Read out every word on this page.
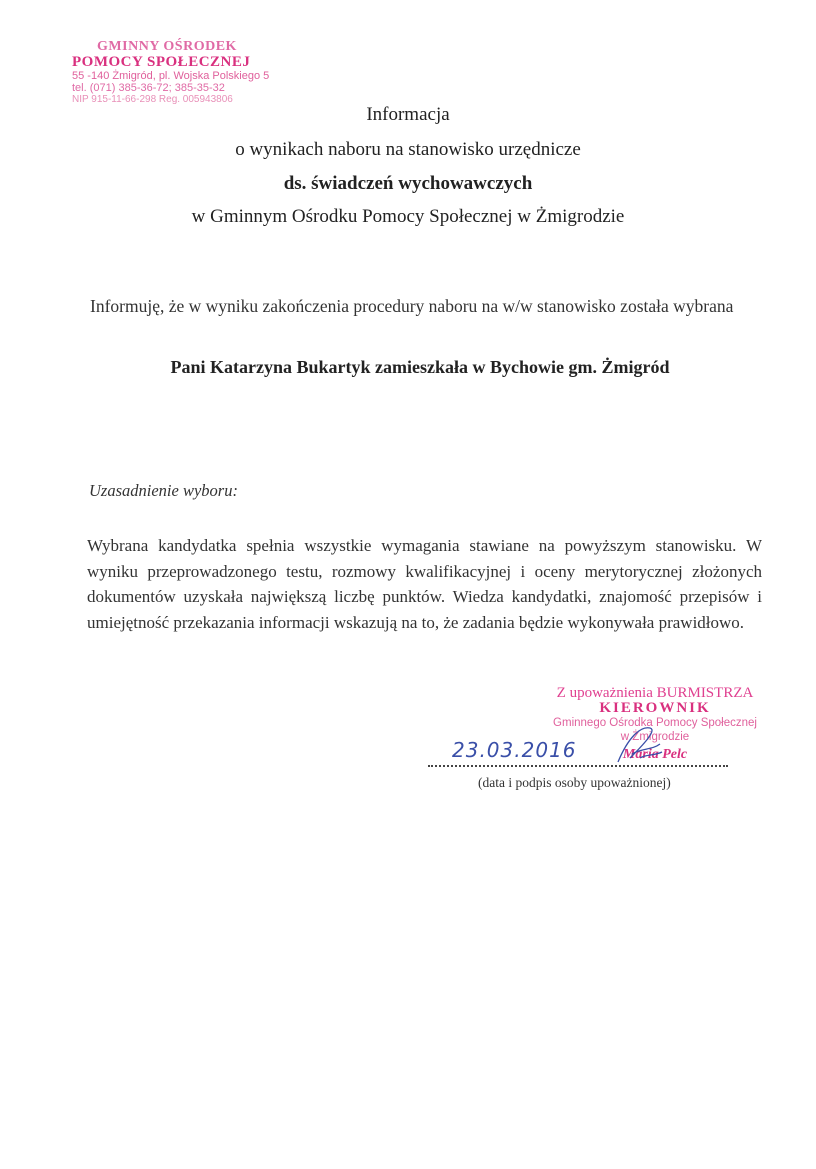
GMINNY OŚRODEK
POMOCY SPOŁECZNEJ
55 -140 Żmigród, pl. Wojska Polskiego 5
tel. (071) 385-36-72; 385-35-32
NIP 915-11-66-298 Reg. 005943806
Informacja
o wynikach naboru na stanowisko urzędnicze
ds. świadczeń wychowawczych
w Gminnym Ośrodku Pomocy Społecznej w Żmigrodzie
Informuję, że w wyniku zakończenia procedury naboru na w/w stanowisko została wybrana
Pani Katarzyna Bukartyk zamieszkała w Bychowie gm. Żmigród
Uzasadnienie wyboru:
Wybrana kandydatka spełnia wszystkie wymagania stawiane na powyższym stanowisku. W wyniku przeprowadzonego testu, rozmowy kwalifikacyjnej i oceny merytorycznej złożonych dokumentów uzyskała największą liczbę punktów. Wiedza kandydatki, znajomość przepisów i umiejętność przekazania informacji wskazują na to, że zadania będzie wykonywała prawidłowo.
Z upoważnienia BURMISTRZA
KIEROWNIK
Gminnego Ośrodka Pomocy Społecznej
w Żmigrodzie
Maria Pelc
23.03.2016
(data i podpis osoby upoważnionej)
